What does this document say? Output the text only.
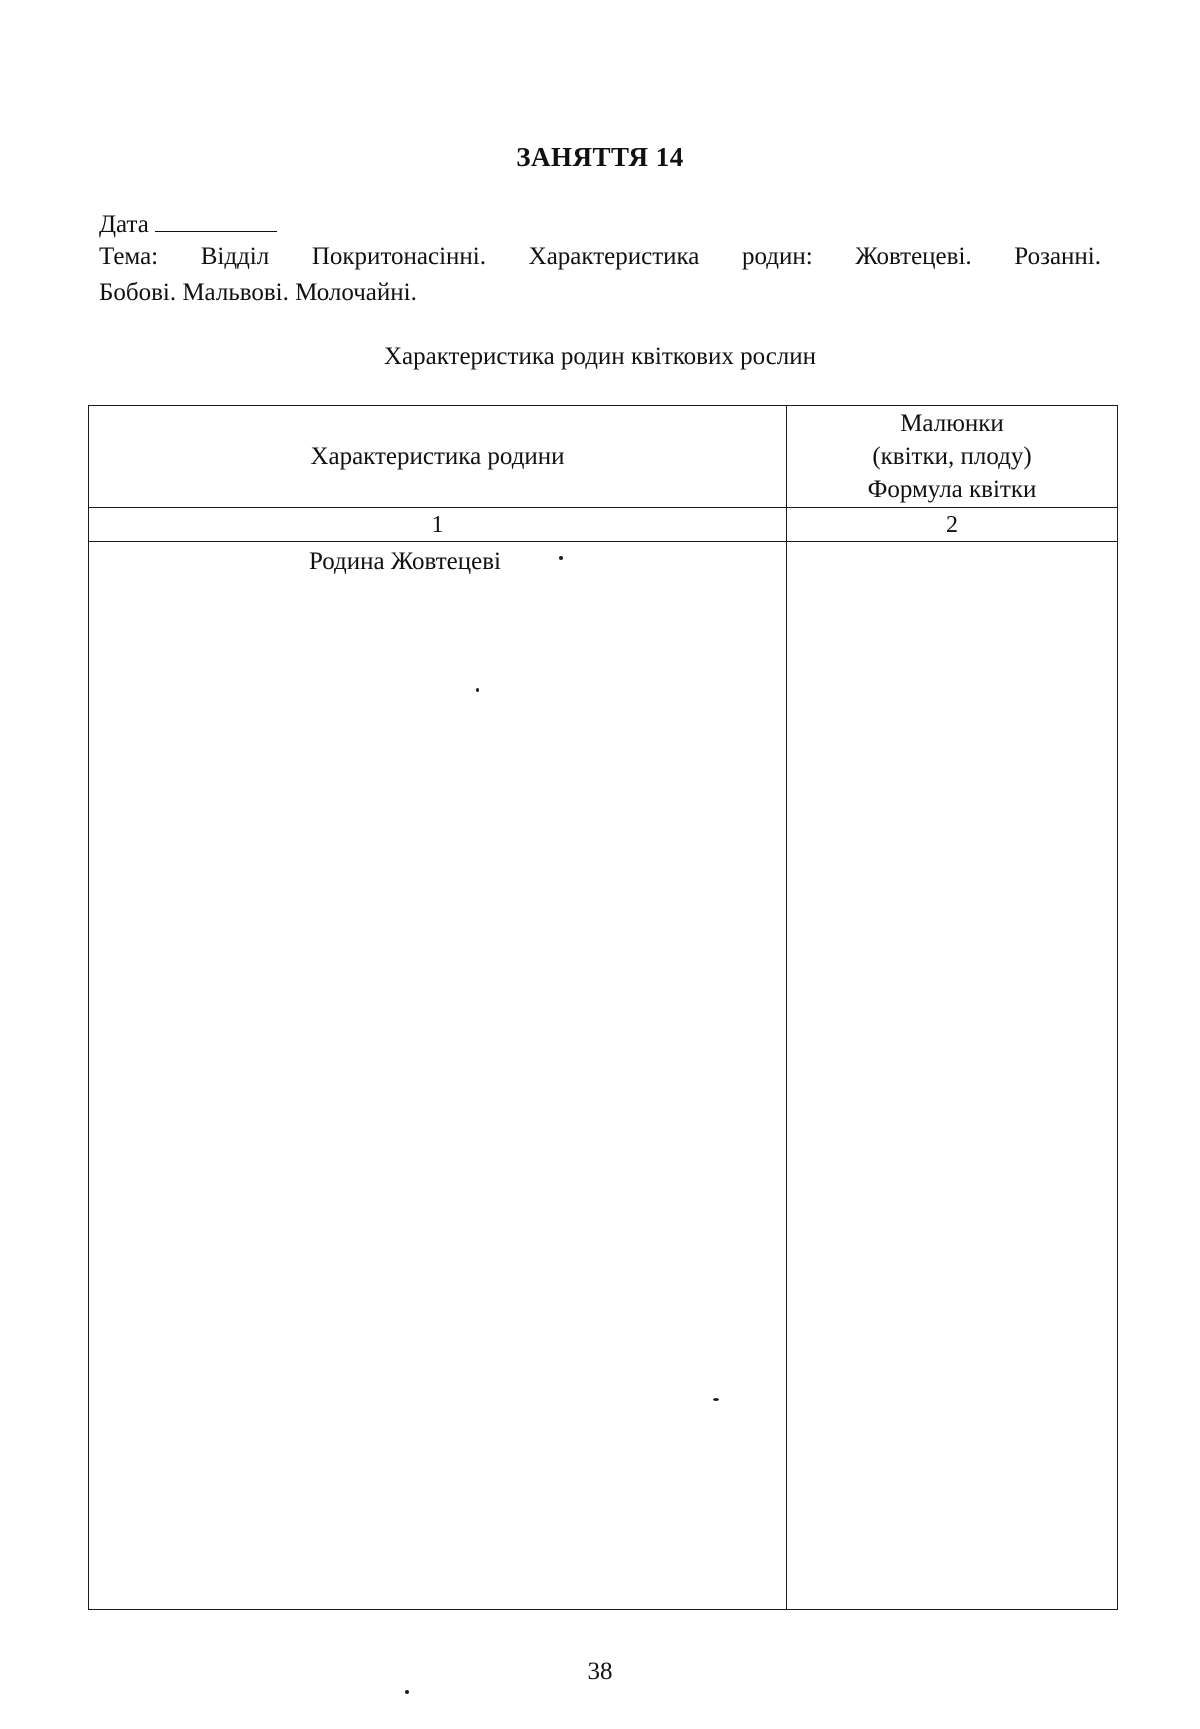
ЗАНЯТТЯ 14
Дата
Тема: Відділ Покритонасінні. Характеристика родин: Жовтецеві. Розанні.
Бобові. Мальвові. Молочайні.
Характеристика родин квіткових рослин
Характеристика родини	Малюнки
(квітки, плоду)
Формула квітки

1	2

Родина Жовтецеві	

38
